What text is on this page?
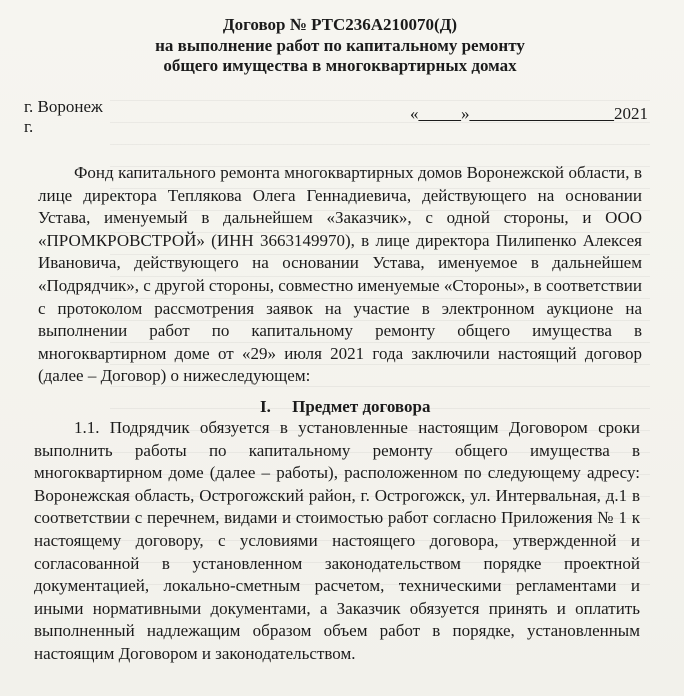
Договор № РТС236А210070(Д)
на выполнение работ по капитальному ремонту
общего имущества в многоквартирных домах
г. Воронеж
г.
«_____»_________________2021

Фонд капитального ремонта многоквартирных домов Воронежской области, в лице директора Теплякова Олега Геннадиевича, действующего на основании Устава, именуемый в дальнейшем «Заказчик», с одной стороны, и ООО «ПРОМКРОВСТРОЙ» (ИНН 3663149970), в лице директора Пилипенко Алексея Ивановича, действующего на основании Устава, именуемое в дальнейшем «Подрядчик», с другой стороны, совместно именуемые «Стороны», в соответствии с протоколом рассмотрения заявок на участие в электронном аукционе на выполнении работ по капитальному ремонту общего имущества в многоквартирном доме от «29» июля 2021 года заключили настоящий договор (далее – Договор) о нижеследующем:

I. Предмет договора

1.1. Подрядчик обязуется в установленные настоящим Договором сроки выполнить работы по капитальному ремонту общего имущества в многоквартирном доме (далее – работы), расположенном по следующему адресу: Воронежская область, Острогожский район, г. Острогожск, ул. Интервальная, д.1 в соответствии с перечнем, видами и стоимостью работ согласно Приложения № 1 к настоящему договору, с условиями настоящего договора, утвержденной и согласованной в установленном законодательством порядке проектной документацией, локально-сметным расчетом, техническими регламентами и иными нормативными документами, а Заказчик обязуется принять и оплатить выполненный надлежащим образом объем работ в порядке, установленным настоящим Договором и законодательством.
